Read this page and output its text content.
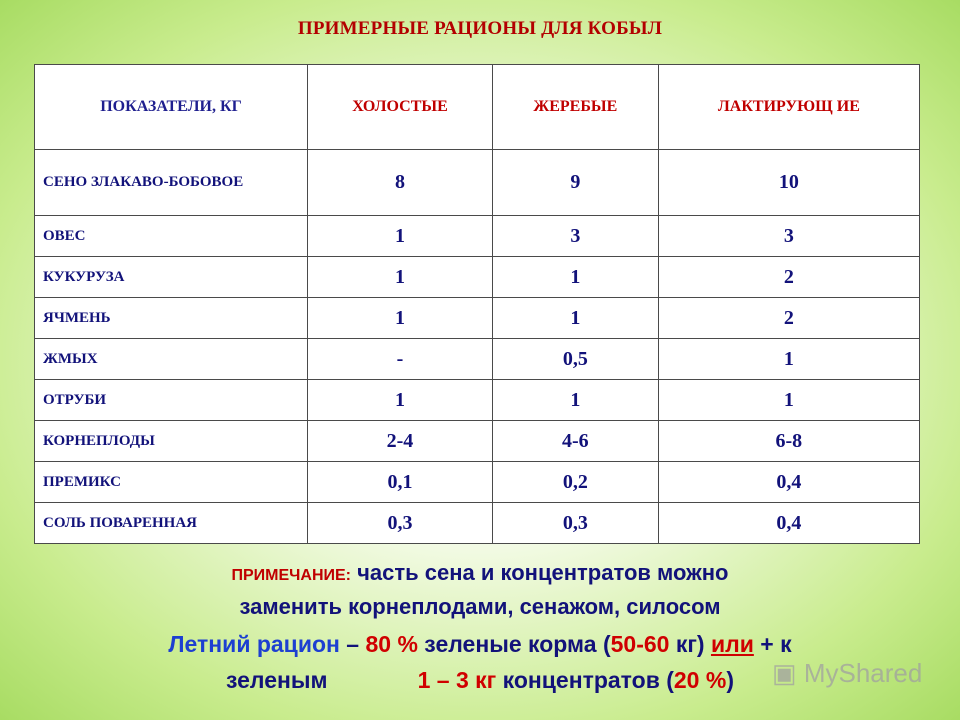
ПРИМЕРНЫЕ РАЦИОНЫ ДЛЯ КОБЫЛ
ПОКАЗАТЕЛИ, КГ	ХОЛОСТЫЕ	ЖЕРЕБЫЕ	ЛАКТИРУЮЩ ИЕ
СЕНО ЗЛАКАВО-БОБОВОЕ	8	9	10
ОВЕС	1	3	3
КУКУРУЗА	1	1	2
ЯЧМЕНЬ	1	1	2
ЖМЫХ	-	0,5	1
ОТРУБИ	1	1	1
КОРНЕПЛОДЫ	2-4	4-6	6-8
ПРЕМИКС	0,1	0,2	0,4
СОЛЬ ПОВАРЕННАЯ	0,3	0,3	0,4
ПРИМЕЧАНИЕ: часть сена и концентратов можно
заменить корнеплодами, сенажом, силосом
Летний рацион – 80 % зеленые корма (50-60 кг) или + к
зеленым	1 – 3 кг концентратов (20 %)	▣ MyShared
